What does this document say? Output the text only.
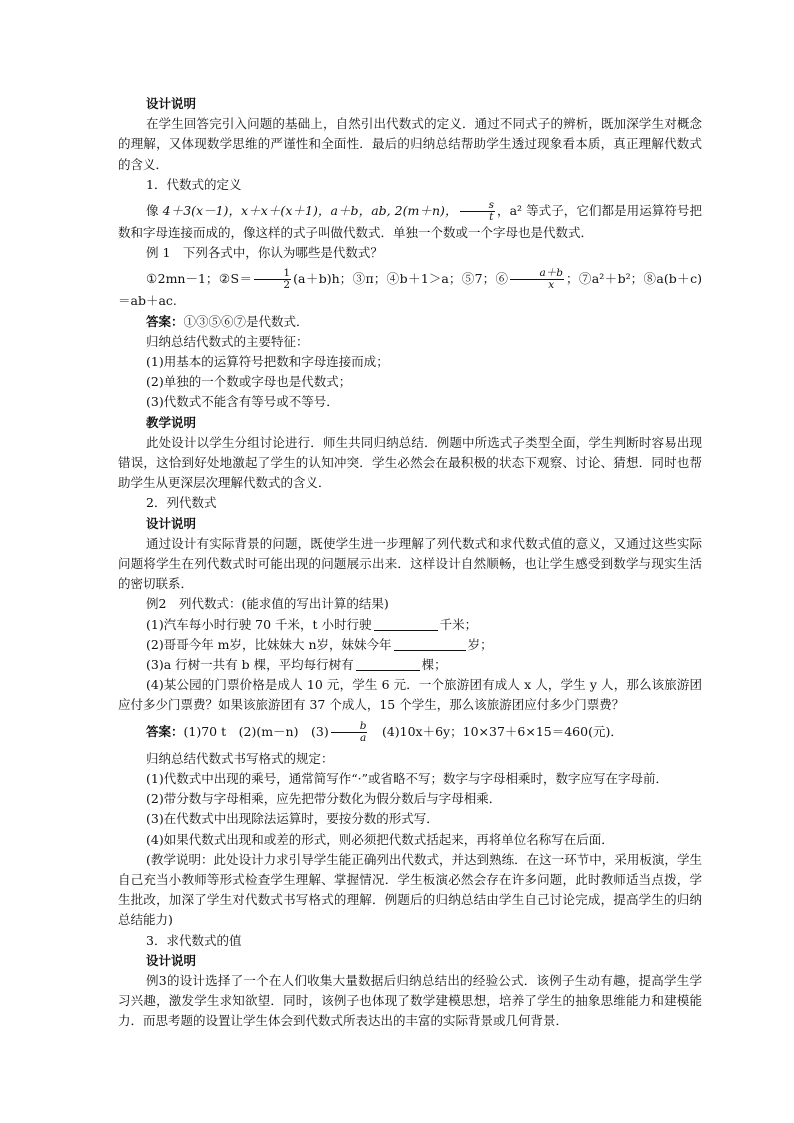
设计说明

在学生回答完引入问题的基础上，自然引出代数式的定义．通过不同式子的辨析，既加深学生对概念的理解，又体现数学思维的严谨性和全面性．最后的归纳总结帮助学生透过现象看本质，真正理解代数式的含义．

1．代数式的定义

像 4＋3(x－1)，x＋x＋(x＋1)，a＋b，ab, 2(m＋n)， $\frac{s}{t}$ ，a² 等式子，它们都是用运算符号把数和字母连接而成的，像这样的式子叫做代数式．单独一个数或一个字母也是代数式．

例 1　下列各式中，你认为哪些是代数式？

①2mn－1；②S＝ $\frac{1}{2} (a+b)h$；③π；④b＋1＞a；⑤7；⑥ $\frac{a+b}{x}$ ；⑦a²＋b²；⑧a(b＋c)＝ab＋ac.

答案：①③⑤⑥⑦是代数式．

归纳总结代数式的主要特征：

(1)用基本的运算符号把数和字母连接而成；

(2)单独的一个数或字母也是代数式；

(3)代数式不能含有等号或不等号．

教学说明

此处设计以学生分组讨论进行．师生共同归纳总结．例题中所选式子类型全面，学生判断时容易出现错误，这恰到好处地激起了学生的认知冲突．学生必然会在最积极的状态下观察、讨论、猜想．同时也帮助学生从更深层次理解代数式的含义．

2．列代数式

设计说明

通过设计有实际背景的问题，既使学生进一步理解了列代数式和求代数式值的意义，又通过这些实际问题将学生在列代数式时可能出现的问题展示出来．这样设计自然顺畅，也让学生感受到数学与现实生活的密切联系．

例2　列代数式：(能求值的写出计算的结果)

(1)汽车每小时行驶 70 千米，t 小时行驶	千米；

(2)哥哥今年 m岁，比妹妹大 n岁，妹妹今年	岁；

(3)a 行树一共有 b 棵，平均每行树有	棵；

(4)某公园的门票价格是成人 10 元，学生 6 元．一个旅游团有成人 x 人，学生 y 人，那么该旅游团应付多少门票费？如果该旅游团有 37 个成人，15 个学生，那么该旅游团应付多少门票费？

答案：(1)70 t　(2)(m－n)　$(3) \frac{b}{a}$ 　(4)10x＋6y；10×37＋6×15＝460(元)．

归纳总结代数式书写格式的规定：

(1)代数式中出现的乘号，通常简写作“·”或省略不写；数字与字母相乘时，数字应写在字母前．

(2)带分数与字母相乘，应先把带分数化为假分数后与字母相乘．

(3)在代数式中出现除法运算时，要按分数的形式写．

(4)如果代数式出现和或差的形式，则必须把代数式括起来，再将单位名称写在后面．

(教学说明：此处设计力求引导学生能正确列出代数式，并达到熟练．在这一环节中，采用板演，学生自己充当小教师等形式检查学生理解、掌握情况．学生板演必然会存在许多问题，此时教师适当点拨，学生批改，加深了学生对代数式书写格式的理解．例题后的归纳总结由学生自己讨论完成，提高学生的归纳总结能力)

3．求代数式的值

设计说明

例3的设计选择了一个在人们收集大量数据后归纳总结出的经验公式．该例子生动有趣，提高学生学习兴趣，激发学生求知欲望．同时，该例子也体现了数学建模思想，培养了学生的抽象思维能力和建模能力．而思考题的设置让学生体会到代数式所表达出的丰富的实际背景或几何背景．
